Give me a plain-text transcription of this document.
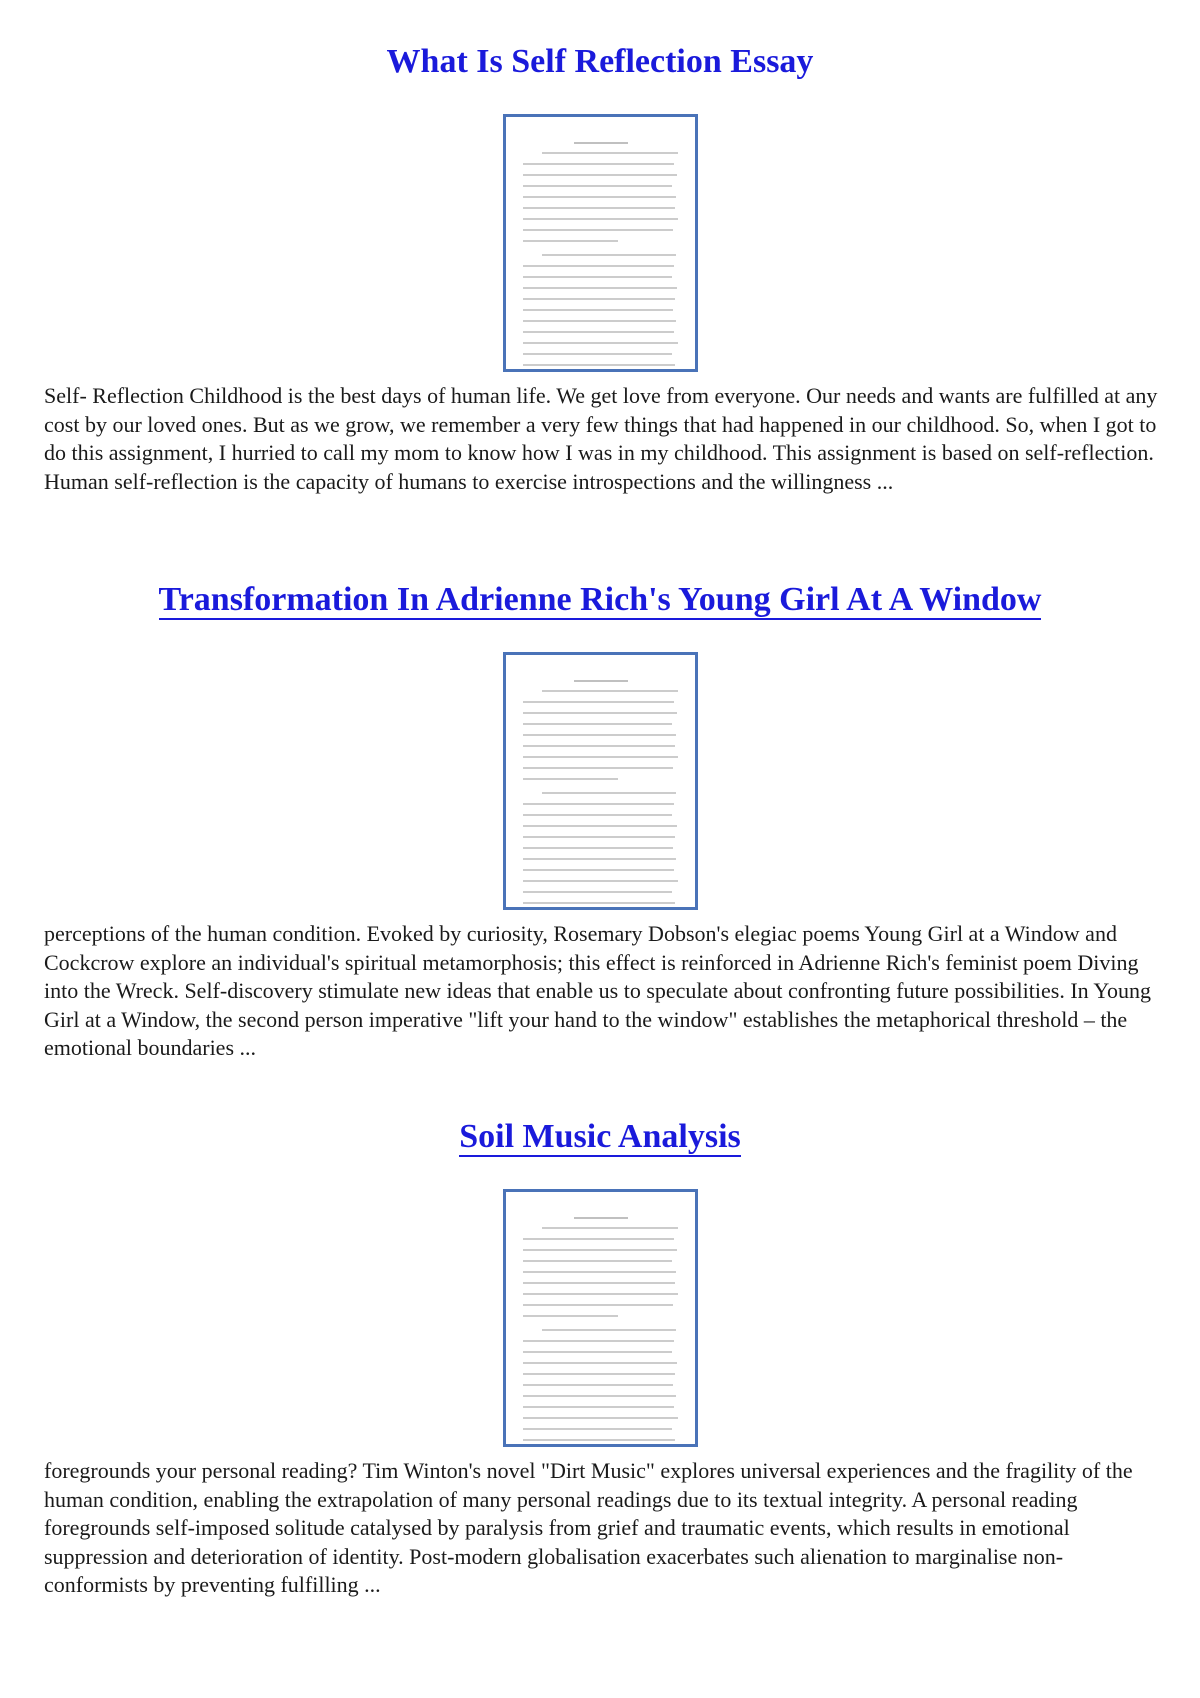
What Is Self Reflection Essay

Self- Reflection Childhood is the best days of human life. We get love from everyone. Our needs and wants are fulfilled at any cost by our loved ones. But as we grow, we remember a very few things that had happened in our childhood. So, when I got to do this assignment, I hurried to call my mom to know how I was in my childhood. This assignment is based on self-reflection. Human self-reflection is the capacity of humans to exercise introspections and the willingness ...

Transformation In Adrienne Rich's Young Girl At A Window

perceptions of the human condition. Evoked by curiosity, Rosemary Dobson's elegiac poems Young Girl at a Window and Cockcrow explore an individual's spiritual metamorphosis; this effect is reinforced in Adrienne Rich's feminist poem Diving into the Wreck. Self-discovery stimulate new ideas that enable us to speculate about confronting future possibilities. In Young Girl at a Window, the second person imperative "lift your hand to the window" establishes the metaphorical threshold – the emotional boundaries ...

Soil Music Analysis

foregrounds your personal reading? Tim Winton's novel "Dirt Music" explores universal experiences and the fragility of the human condition, enabling the extrapolation of many personal readings due to its textual integrity. A personal reading foregrounds self-imposed solitude catalysed by paralysis from grief and traumatic events, which results in emotional suppression and deterioration of identity. Post-modern globalisation exacerbates such alienation to marginalise non-conformists by preventing fulfilling ...
